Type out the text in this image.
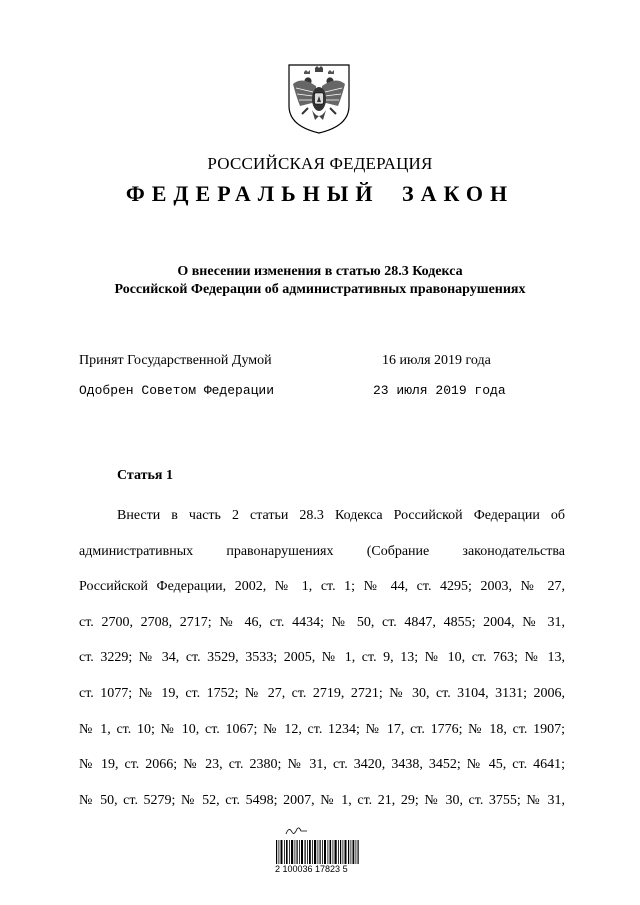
РОССИЙСКАЯ ФЕДЕРАЦИЯ
ФЕДЕРАЛЬНЫЙ ЗАКОН
О внесении изменения в статью 28.3 Кодекса
Российской Федерации об административных правонарушениях
Принят Государственной Думой	16 июля 2019 года
Одобрен Советом Федерации	23 июля 2019 года
Статья 1
Внести в часть 2 статьи 28.3 Кодекса Российской Федерации об
административных правонарушениях (Собрание законодательства
Российской Федерации, 2002, № 1, ст. 1; № 44, ст. 4295; 2003, № 27,
ст. 2700, 2708, 2717; № 46, ст. 4434; № 50, ст. 4847, 4855; 2004, № 31,
ст. 3229; № 34, ст. 3529, 3533; 2005, № 1, ст. 9, 13; № 10, ст. 763; № 13,
ст. 1077; № 19, ст. 1752; № 27, ст. 2719, 2721; № 30, ст. 3104, 3131; 2006,
№ 1, ст. 10; № 10, ст. 1067; № 12, ст. 1234; № 17, ст. 1776; № 18, ст. 1907;
№ 19, ст. 2066; № 23, ст. 2380; № 31, ст. 3420, 3438, 3452; № 45, ст. 4641;
№ 50, ст. 5279; № 52, ст. 5498; 2007, № 1, ст. 21, 29; № 30, ст. 3755; № 31,
2 100036 17823 5
